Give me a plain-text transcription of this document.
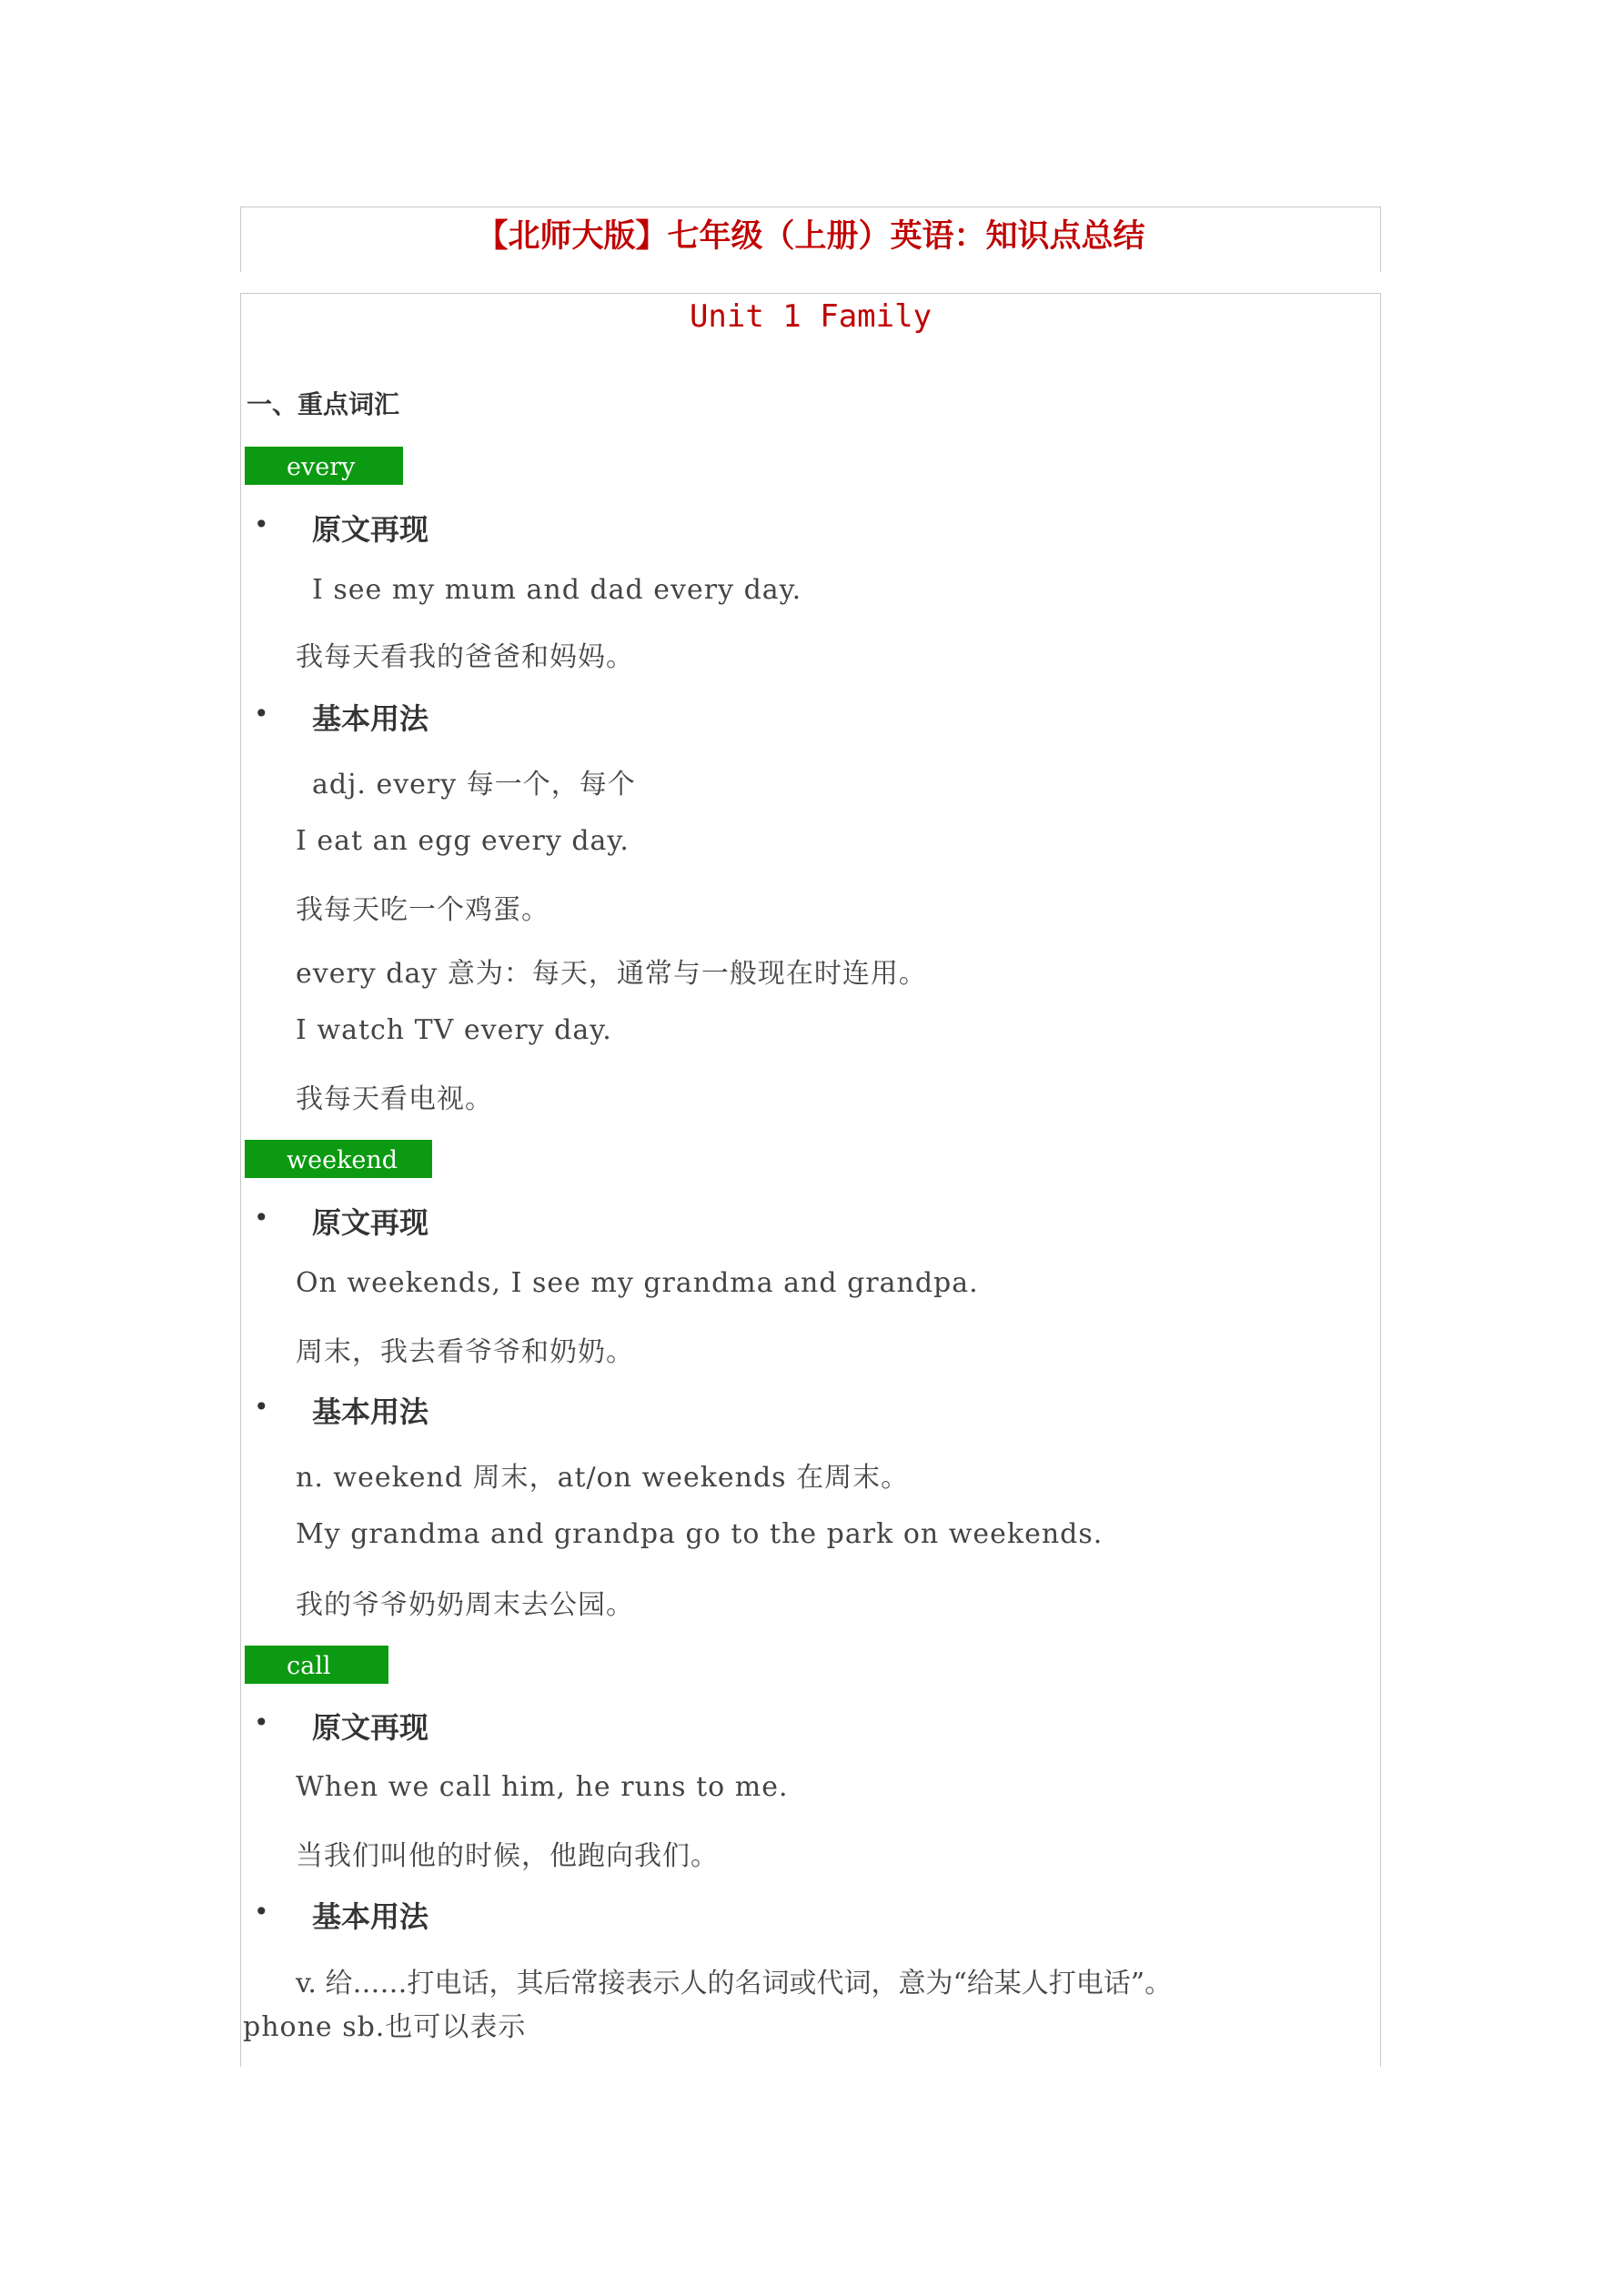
【北师大版】七年级（上册）英语：知识点总结
Unit 1 Family
一、重点词汇
every
• 原文再现
I see my mum and dad every day.
我每天看我的爸爸和妈妈。
• 基本用法
adj. every 每一个，每个
I eat an egg every day.
我每天吃一个鸡蛋。
every day 意为：每天，通常与一般现在时连用。
I watch TV every day.
我每天看电视。
weekend
• 原文再现
On weekends, I see my grandma and grandpa.
周末，我去看爷爷和奶奶。
• 基本用法
n. weekend 周末，at/on weekends 在周末。
My grandma and grandpa go to the park on weekends.
我的爷爷奶奶周末去公园。
call
• 原文再现
When we call him, he runs to me.
当我们叫他的时候，他跑向我们。
• 基本用法
v. 给……打电话，其后常接表示人的名词或代词，意为“给某人打电话”。
phone sb.也可以表示
